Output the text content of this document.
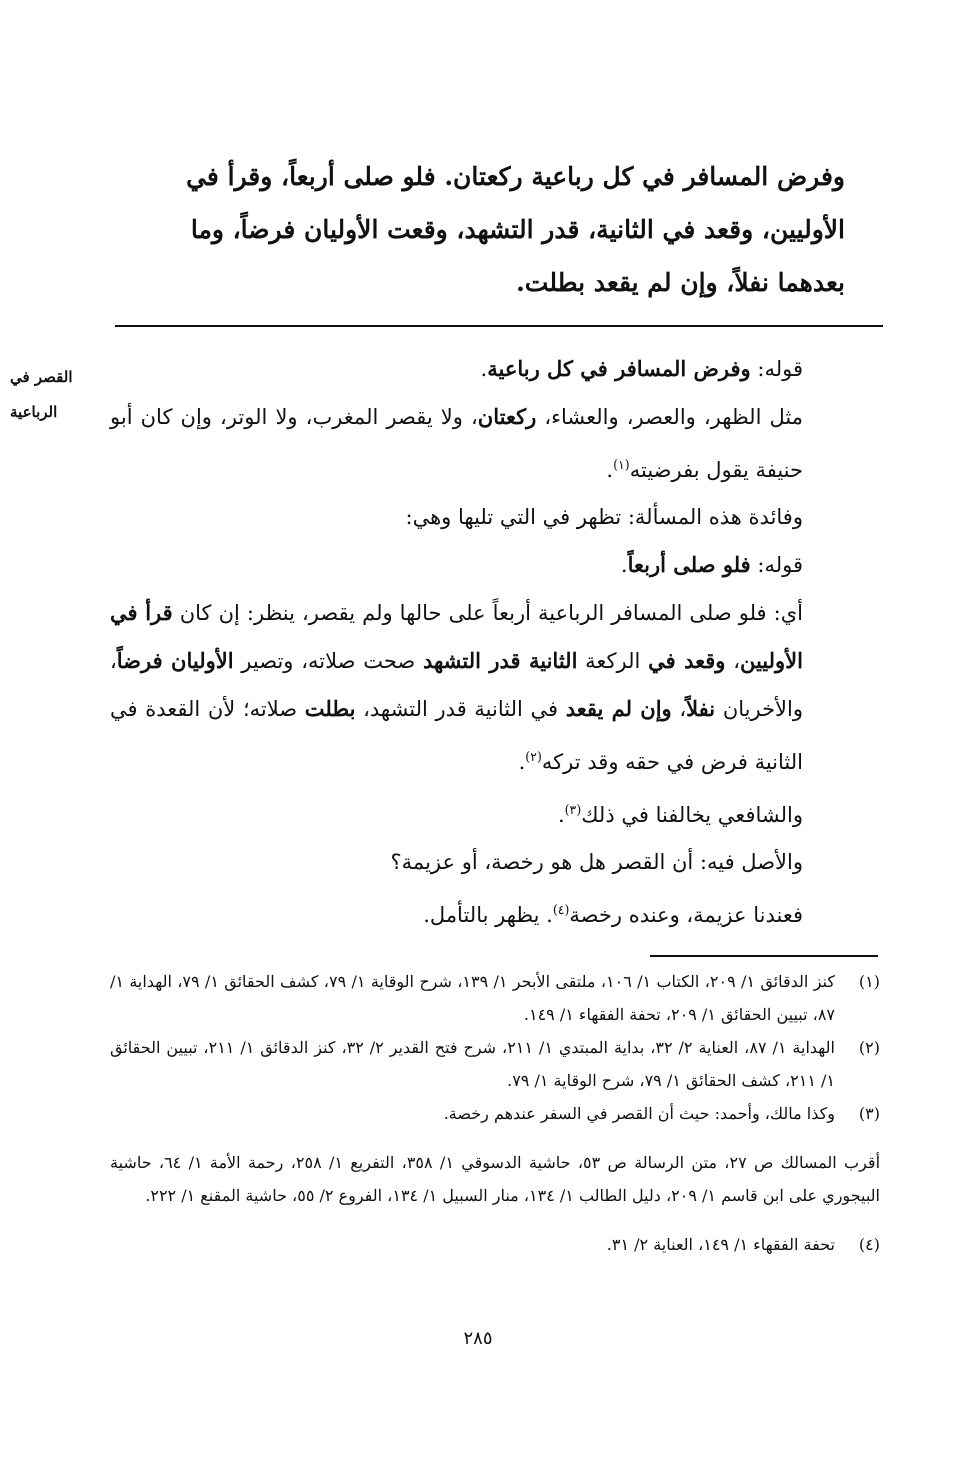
وفرض المسافر في كل رباعية ركعتان. فلو صلى أربعاً، وقرأ في

الأولیین، وقعد في الثانية، قدر التشهد، وقعت الأوليان فرضاً، وما

بعدهما نفلاً، وإن لم يقعد بطلت.

القصر في
الرباعية

قوله: وفرض المسافر في كل رباعية.

مثل الظهر، والعصر، والعشاء، ركعتان، ولا يقصر المغرب، ولا الوتر، وإن كان أبو حنيفة يقول بفرضيته$^{(١)}$.

وفائدة هذه المسألة: تظهر في التي تليها وهي:

قوله: فلو صلى أربعاً.

أي: فلو صلى المسافر الرباعية أربعاً على حالها ولم يقصر، ينظر: إن كان قرأ في الأولیین، وقعد في الركعة الثانية قدر التشهد صحت صلاته، وتصير الأوليان فرضاً، والأخريان نفلاً، وإن لم يقعد في الثانية قدر التشهد، بطلت صلاته؛ لأن القعدة في الثانية فرض في حقه وقد تركه$^{(٢)}$.

والشافعي يخالفنا في ذلك$^{(٣)}$.

والأصل فيه: أن القصر هل هو رخصة، أو عزيمة؟

فعندنا عزيمة، وعنده رخصة$^{(٤)}$. يظهر بالتأمل.

(١)
كنز الدقائق ١/ ٢٠٩، الكتاب ١/ ١٠٦، ملتقى الأبحر ١/ ١٣٩، شرح الوقاية ١/ ٧٩، كشف الحقائق ١/ ٧٩، الهداية ١/ ٨٧، تبيين الحقائق ١/ ٢٠٩، تحفة الفقهاء ١/ ١٤٩.
(٢)
الهداية ١/ ٨٧، العناية ٢/ ٣٢، بداية المبتدي ١/ ٢١١، شرح فتح القدير ٢/ ٣٢، كنز الدقائق ١/ ٢١١، تبيين الحقائق ١/ ٢١١، كشف الحقائق ١/ ٧٩، شرح الوقاية ١/ ٧٩.
(٣)
وكذا مالك، وأحمد: حيث أن القصر في السفر عندهم رخصة.

أقرب المسالك ص ٢٧، متن الرسالة ص ٥٣، حاشية الدسوقي ١/ ٣٥٨، التفريع ١/ ٢٥٨، رحمة الأمة ١/ ٦٤، حاشية البيجوري على ابن قاسم ١/ ٢٠٩، دليل الطالب ١/ ١٣٤، منار السبيل ١/ ١٣٤، الفروع ٢/ ٥٥، حاشية المقنع ١/ ٢٢٢.

(٤)
تحفة الفقهاء ١/ ١٤٩، العناية ٢/ ٣١.
٢٨٥
